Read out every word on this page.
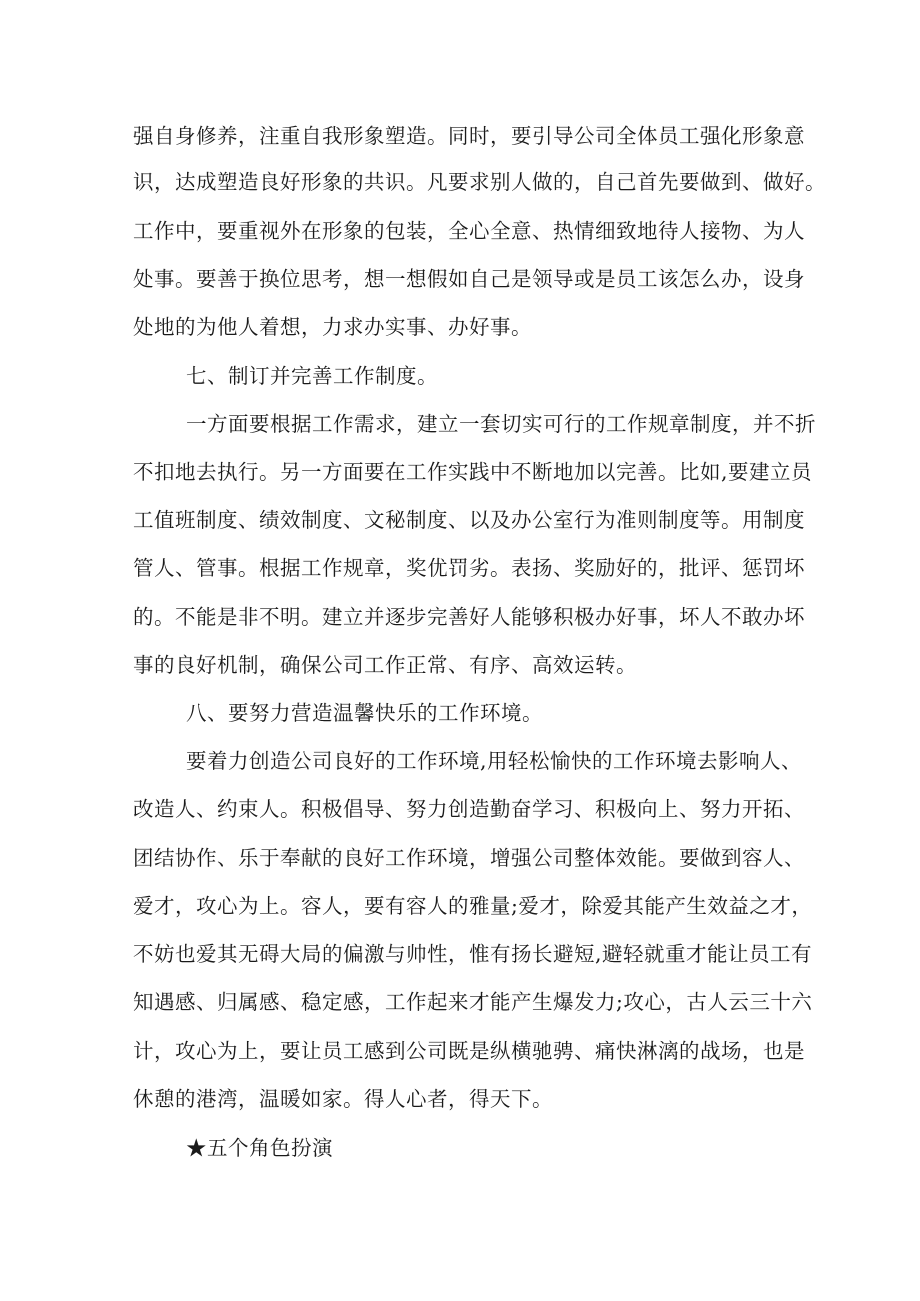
强自身修养，注重自我形象塑造。同时，要引导公司全体员工强化形象意
识，达成塑造良好形象的共识。凡要求别人做的，自己首先要做到、做好。
工作中，要重视外在形象的包装，全心全意、热情细致地待人接物、为人
处事。要善于换位思考，想一想假如自己是领导或是员工该怎么办，设身
处地的为他人着想，力求办实事、办好事。
七、制订并完善工作制度。
一方面要根据工作需求，建立一套切实可行的工作规章制度，并不折
不扣地去执行。另一方面要在工作实践中不断地加以完善。比如,要建立员
工值班制度、绩效制度、文秘制度、以及办公室行为准则制度等。用制度
管人、管事。根据工作规章，奖优罚劣。表扬、奖励好的，批评、惩罚坏
的。不能是非不明。建立并逐步完善好人能够积极办好事，坏人不敢办坏
事的良好机制，确保公司工作正常、有序、高效运转。
八、要努力营造温馨快乐的工作环境。
要着力创造公司良好的工作环境,用轻松愉快的工作环境去影响人、
改造人、约束人。积极倡导、努力创造勤奋学习、积极向上、努力开拓、
团结协作、乐于奉献的良好工作环境，增强公司整体效能。要做到容人、
爱才，攻心为上。容人，要有容人的雅量;爱才，除爱其能产生效益之才，
不妨也爱其无碍大局的偏激与帅性，惟有扬长避短,避轻就重才能让员工有
知遇感、归属感、稳定感，工作起来才能产生爆发力;攻心，古人云三十六
计，攻心为上，要让员工感到公司既是纵横驰骋、痛快淋漓的战场，也是
休憩的港湾，温暖如家。得人心者，得天下。
★五个角色扮演
